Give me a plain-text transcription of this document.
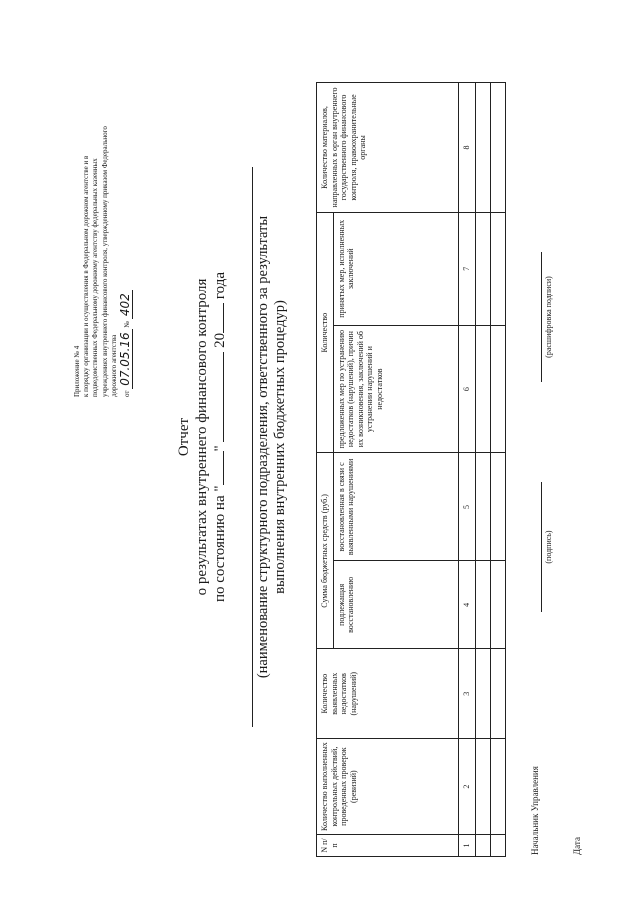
Приложение № 4 к порядку организации и осуществления в Федеральном дорожном агентстве и в подведомственных Федеральному дорожному агентству федеральных казенных учреждениях внутреннего финансового контроля, утвержденному приказом Федерального дорожного агентства от 07.05.16 № 402
Отчет о результатах внутреннего финансового контроля по состоянию на ""  20 года (наименование структурного подразделения, ответственного за результаты выполнения внутренних бюджетных процедур)
N п/п	Количество выполненных контрольных действий, проведенных проверок (ревизий)	Количество выявленных недостатков (нарушений)	Сумма бюджетных средств (руб.)		Количество		Количество материалов, направленных в орган внутреннего государственного финансового контроля, правоохранительные органы
			подлежащая восстановлению	восстановленная в связи с выявленными нарушениями	предложенных мер по устранению недостатков (нарушений), причин их возникновения, заключений об устранении нарушений и недостатков	принятых мер, исполненных заключений	
1	2	3	4	5	6	7	8

Начальник Управления
(подпись)
(расшифровка подписи)
Дата
